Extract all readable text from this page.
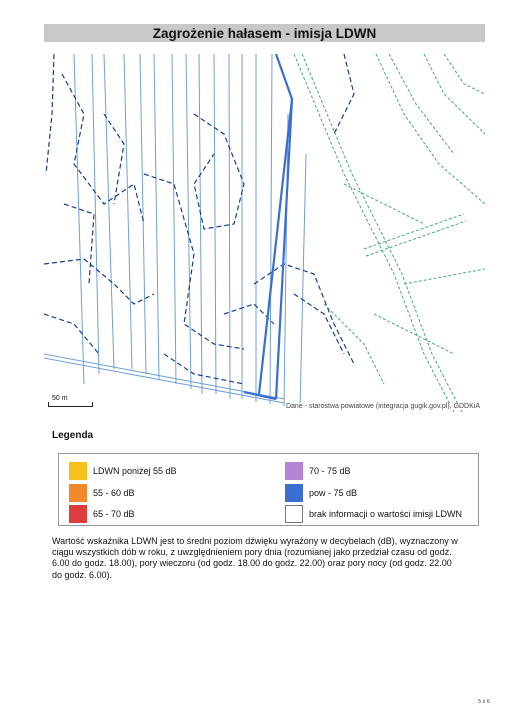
Zagrożenie hałasem - imisja LDWN
50 m
Dane - starostwa powiatowe (integracja gugik.gov.pl), GDDKiA
Legenda
LDWN poniżej 55 dB
55 - 60 dB
65 - 70 dB
70 - 75 dB
pow - 75 dB
brak informacji o wartości imisji LDWN
Wartość wskaźnika LDWN jest to średni poziom dźwięku wyrażony w decybelach (dB), wyznaczony w ciągu wszystkich dób w roku, z uwzględnieniem pory dnia (rozumianej jako przedział czasu od godz. 6.00 do godz. 18.00), pory wieczoru (od godz. 18.00 do godz. 22.00) oraz pory nocy (od godz. 22.00 do godz. 6.00).
5 z 6
